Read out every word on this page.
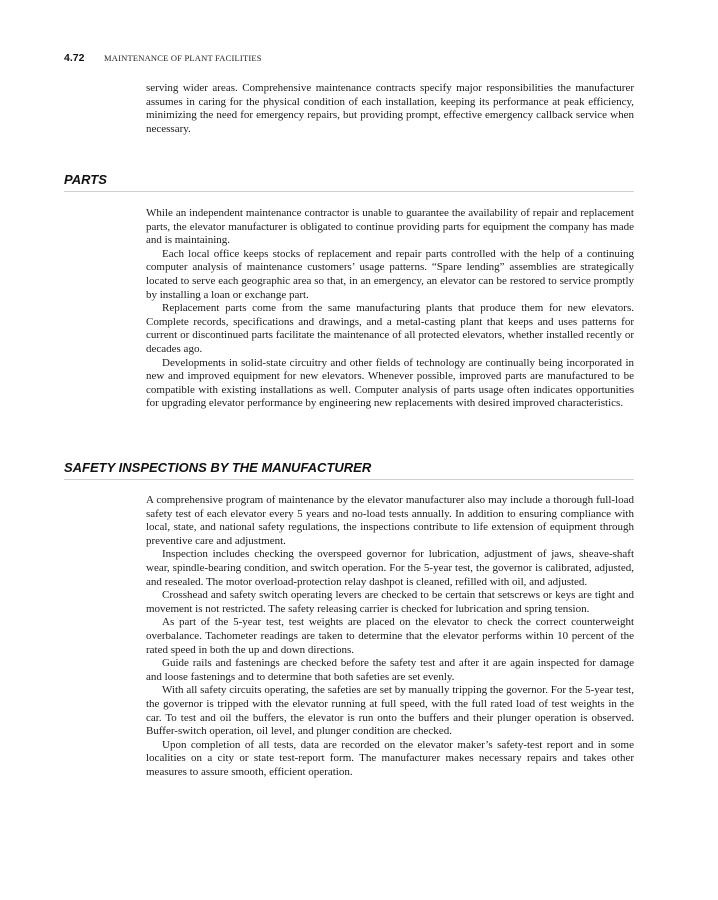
4.72 MAINTENANCE OF PLANT FACILITIES

serving wider areas. Comprehensive maintenance contracts specify major responsibilities the manufacturer assumes in caring for the physical condition of each installation, keeping its performance at peak efficiency, minimizing the need for emergency repairs, but providing prompt, effective emergency callback service when necessary.

PARTS

While an independent maintenance contractor is unable to guarantee the availability of repair and replacement parts, the elevator manufacturer is obligated to continue providing parts for equipment the company has made and is maintaining.

Each local office keeps stocks of replacement and repair parts controlled with the help of a continuing computer analysis of maintenance customers’ usage patterns. “Spare lending” assemblies are strategically located to serve each geographic area so that, in an emergency, an elevator can be restored to service promptly by installing a loan or exchange part.

Replacement parts come from the same manufacturing plants that produce them for new elevators. Complete records, specifications and drawings, and a metal-casting plant that keeps and uses patterns for current or discontinued parts facilitate the maintenance of all protected elevators, whether installed recently or decades ago.

Developments in solid-state circuitry and other fields of technology are continually being incorporated in new and improved equipment for new elevators. Whenever possible, improved parts are manufactured to be compatible with existing installations as well. Computer analysis of parts usage often indicates opportunities for upgrading elevator performance by engineering new replacements with desired improved characteristics.

SAFETY INSPECTIONS BY THE MANUFACTURER

A comprehensive program of maintenance by the elevator manufacturer also may include a thorough full-load safety test of each elevator every 5 years and no-load tests annually. In addition to ensuring compliance with local, state, and national safety regulations, the inspections contribute to life extension of equipment through preventive care and adjustment.

Inspection includes checking the overspeed governor for lubrication, adjustment of jaws, sheave-shaft wear, spindle-bearing condition, and switch operation. For the 5-year test, the governor is calibrated, adjusted, and resealed. The motor overload-protection relay dashpot is cleaned, refilled with oil, and adjusted.

Crosshead and safety switch operating levers are checked to be certain that setscrews or keys are tight and movement is not restricted. The safety releasing carrier is checked for lubrication and spring tension.

As part of the 5-year test, test weights are placed on the elevator to check the correct counterweight overbalance. Tachometer readings are taken to determine that the elevator performs within 10 percent of the rated speed in both the up and down directions.

Guide rails and fastenings are checked before the safety test and after it are again inspected for damage and loose fastenings and to determine that both safeties are set evenly.

With all safety circuits operating, the safeties are set by manually tripping the governor. For the 5-year test, the governor is tripped with the elevator running at full speed, with the full rated load of test weights in the car. To test and oil the buffers, the elevator is run onto the buffers and their plunger operation is observed. Buffer-switch operation, oil level, and plunger condition are checked.

Upon completion of all tests, data are recorded on the elevator maker’s safety-test report and in some localities on a city or state test-report form. The manufacturer makes necessary repairs and takes other measures to assure smooth, efficient operation.
